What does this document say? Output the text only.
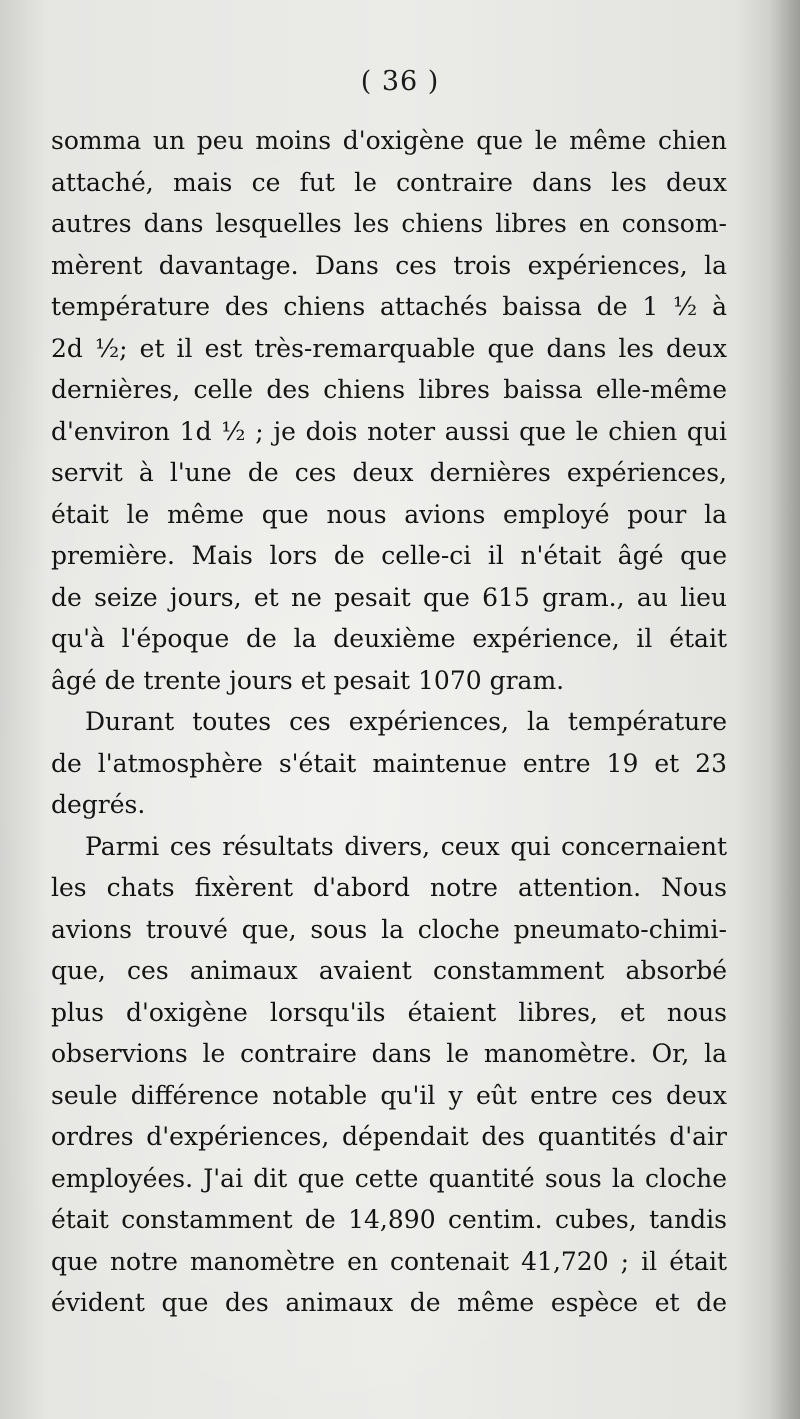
( 36 )
somma un peu moins d'oxigène que le même chien
attaché, mais ce fut le contraire dans les deux
autres dans lesquelles les chiens libres en consom-
mèrent davantage. Dans ces trois expériences, la
température des chiens attachés baissa de 1 ½ à
2d ½; et il est très-remarquable que dans les deux
dernières, celle des chiens libres baissa elle-même
d'environ 1d ½ ; je dois noter aussi que le chien qui
servit à l'une de ces deux dernières expériences,
était le même que nous avions employé pour la
première. Mais lors de celle-ci il n'était âgé que
de seize jours, et ne pesait que 615 gram., au lieu
qu'à l'époque de la deuxième expérience, il était
âgé de trente jours et pesait 1070 gram.
Durant toutes ces expériences, la température
de l'atmosphère s'était maintenue entre 19 et 23
degrés.
Parmi ces résultats divers, ceux qui concernaient
les chats fixèrent d'abord notre attention. Nous
avions trouvé que, sous la cloche pneumato-chimi-
que, ces animaux avaient constamment absorbé
plus d'oxigène lorsqu'ils étaient libres, et nous
observions le contraire dans le manomètre. Or, la
seule différence notable qu'il y eût entre ces deux
ordres d'expériences, dépendait des quantités d'air
employées. J'ai dit que cette quantité sous la cloche
était constamment de 14,890 centim. cubes, tandis
que notre manomètre en contenait 41,720 ; il était
évident que des animaux de même espèce et de
